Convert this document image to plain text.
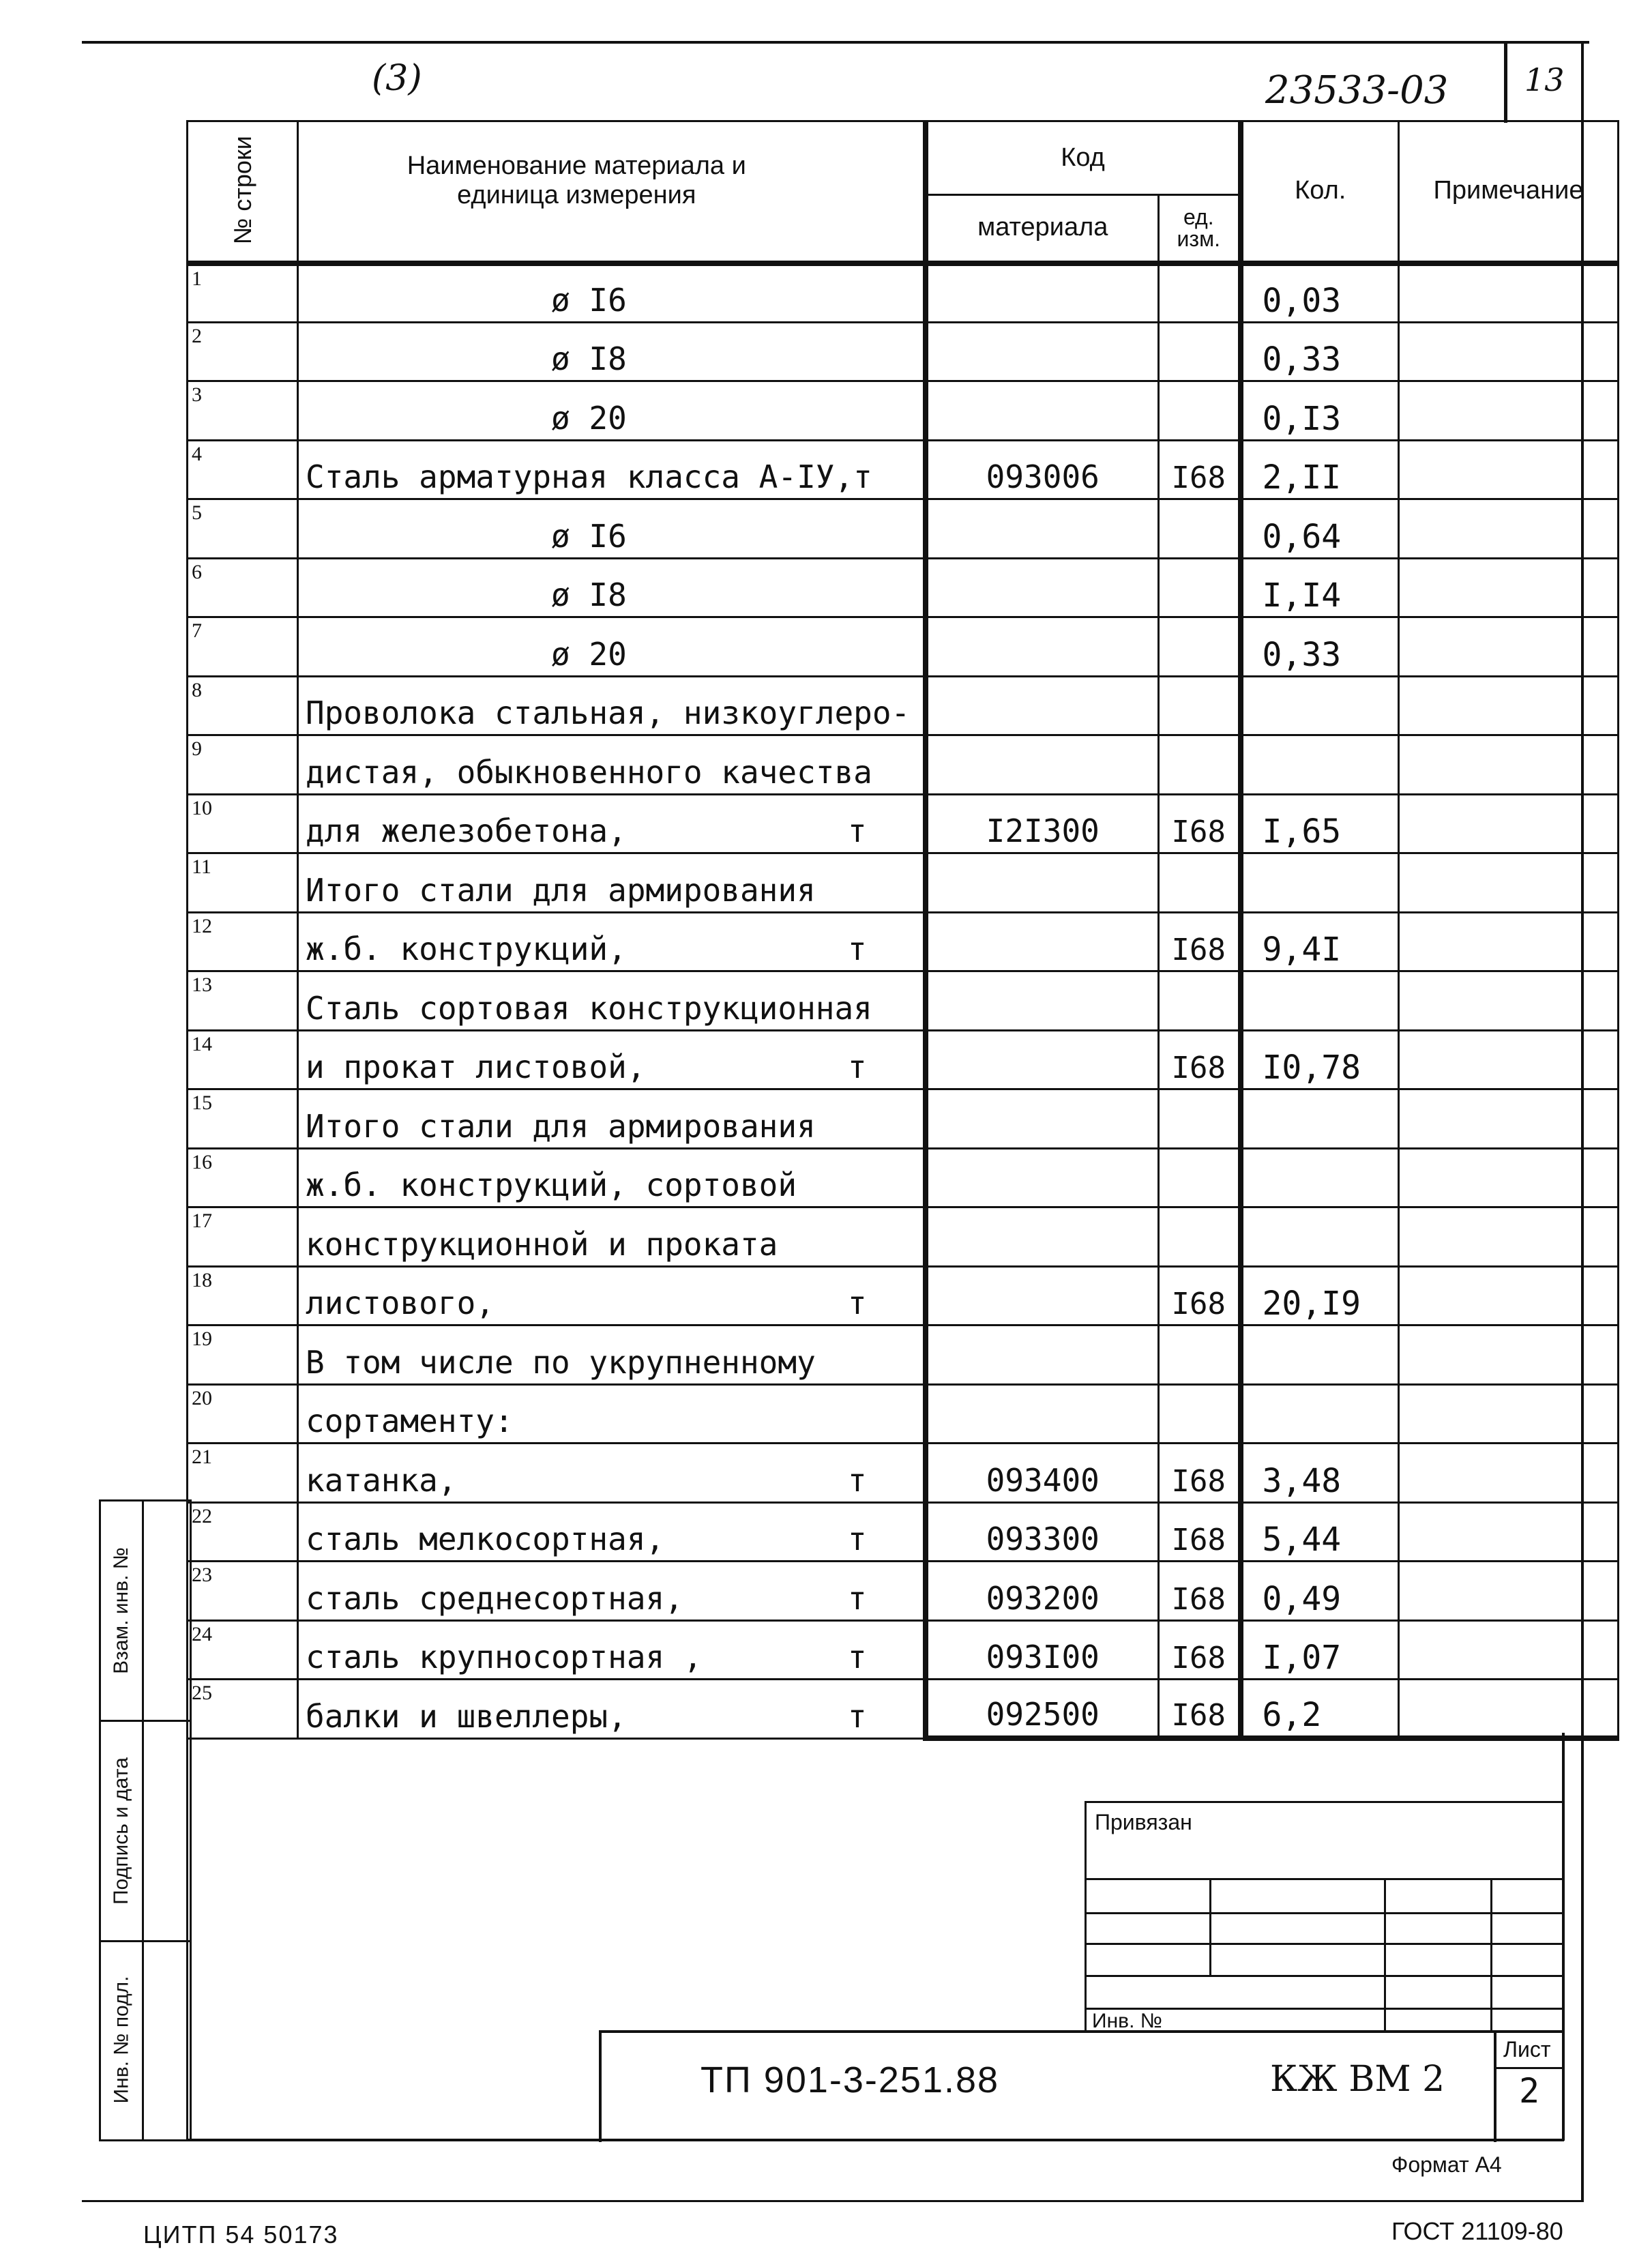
(3)	23533-03 13
№ строки	Наименование материала и единица измерения	Код		Кол.	Примечание
		материала	ед. изм.		
1	ø I6			0,03	
2	ø I8			0,33	
3	ø 20			0,I3	
4	Сталь арматурная класса А-IУ,т	093006	I68	2,II	
5	ø I6			0,64	
6	ø I8			I,I4	
7	ø 20			0,33	
8	Проволока стальная, низкоуглеро-				
9	дистая, обыкновенного качества				
10	для железобетона, т	I2I300	I68	I,65	
11	Итого стали для армирования				
12	ж.б. конструкций, т		I68	9,4I	
13	Сталь сортовая конструкционная				
14	и прокат листовой, т		I68	I0,78	
15	Итого стали для армирования				
16	ж.б. конструкций, сортовой				
17	конструкционной и проката				
18	листового, т		I68	20,I9	
19	В том числе по укрупненному				
20	сортаменту:				
21	катанка, т	093400	I68	3,48	
22	сталь мелкосортная, т	093300	I68	5,44	
23	сталь среднесортная, т	093200	I68	0,49	
24	сталь крупносортная , т	093I00	I68	I,07	
25	балки и швеллеры, т	092500	I68	6,2	
Взам. инв. №
Подпись и дата
Инв. № подл.
Привязан
Инв. №
ТП 901-3-251.88	КЖ ВМ 2
Лист
2
Формат А4
ЦИТП 54 50173	ГОСТ 21109-80
